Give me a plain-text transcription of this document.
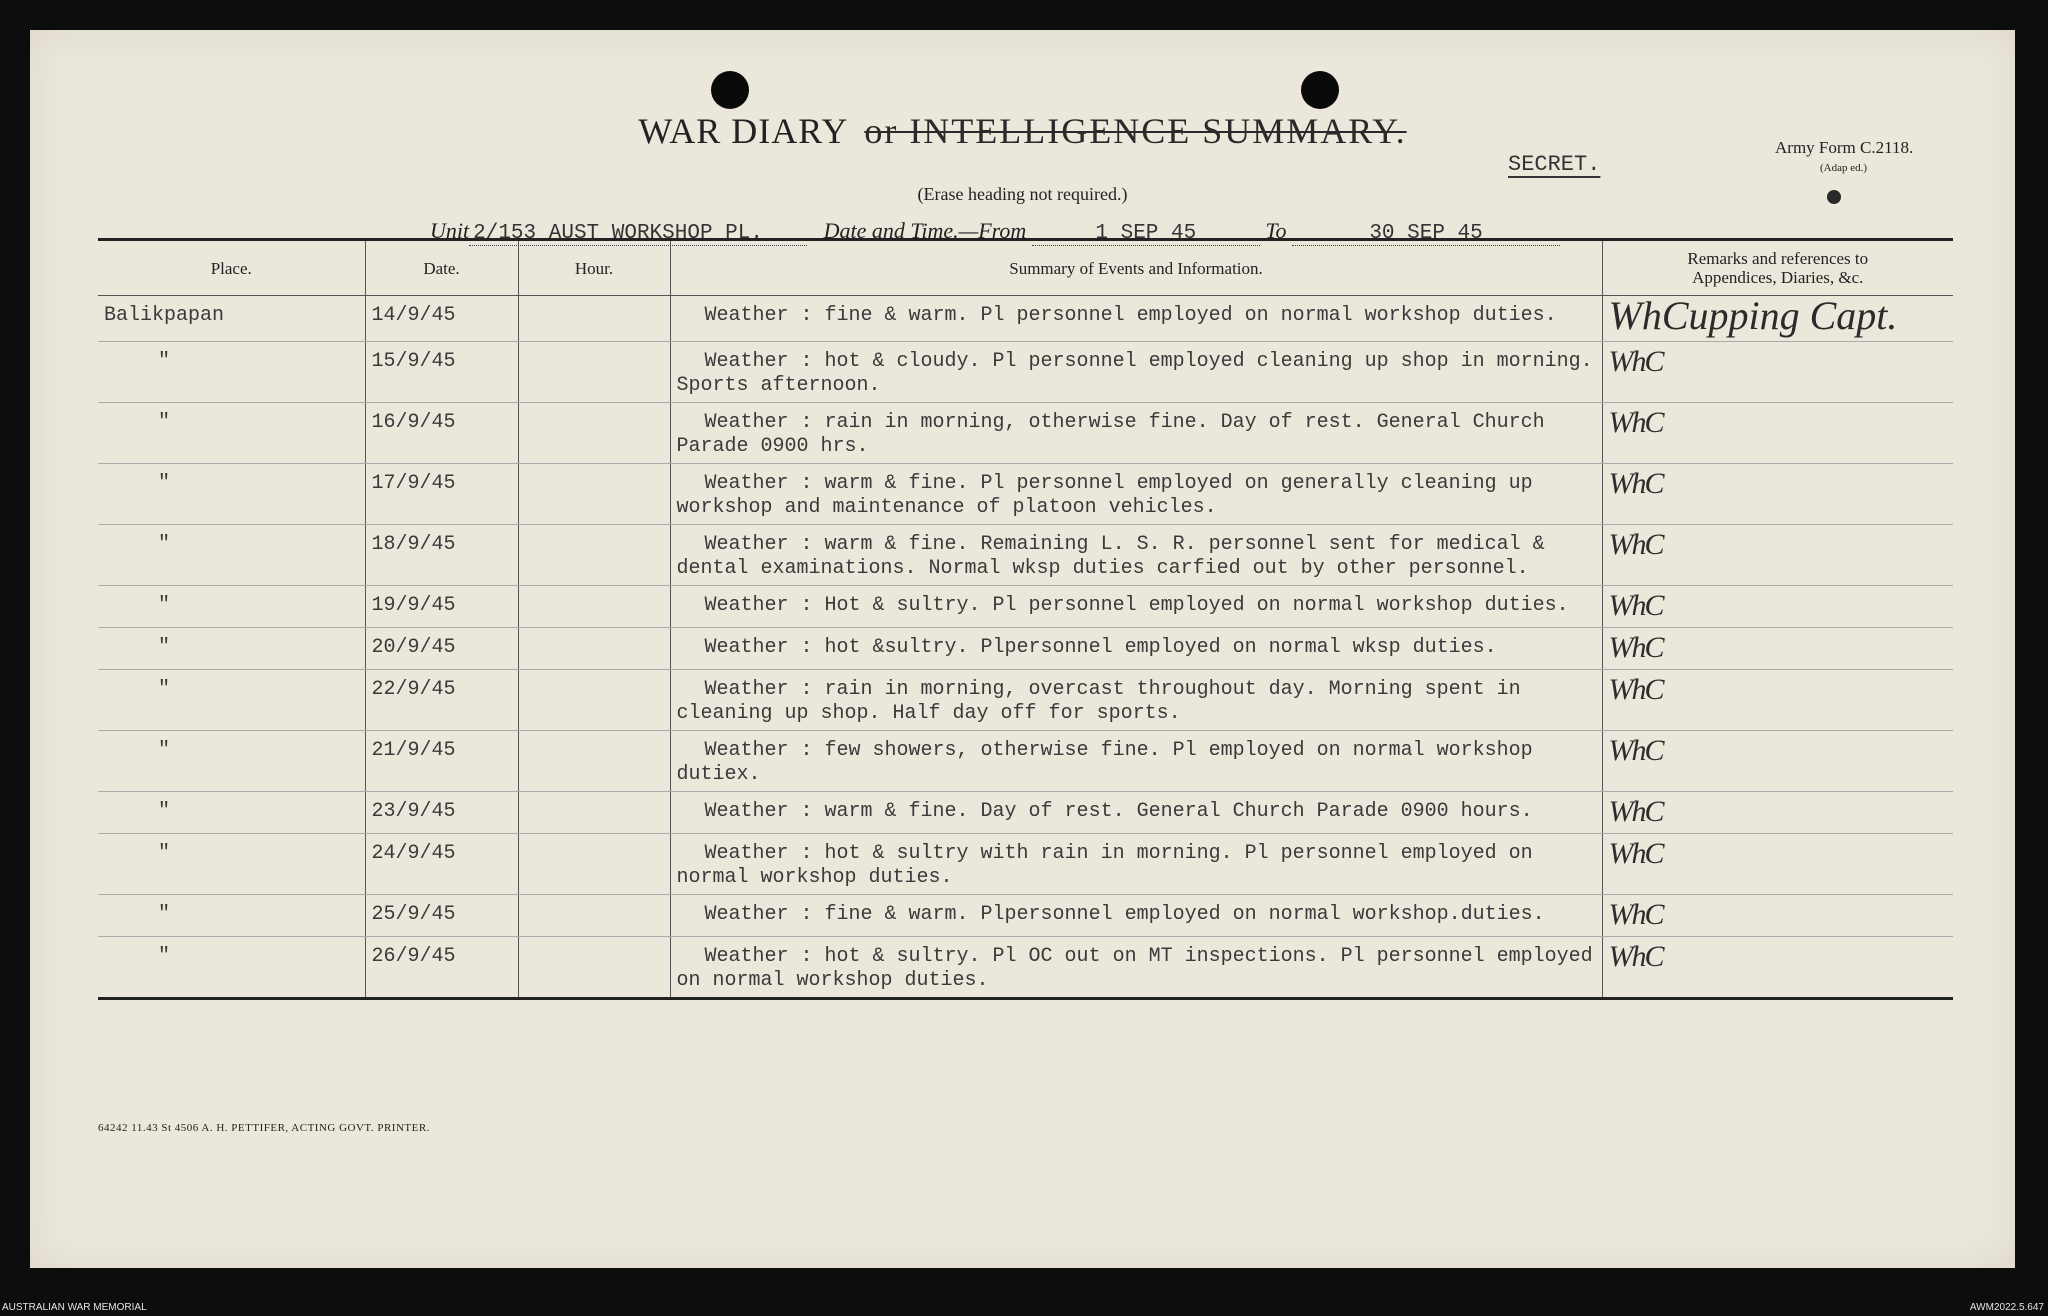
WAR DIARY or INTELLIGENCE SUMMARY.
SECRET.
(Erase heading not required.)
Army Form C.2118.
(Adap ed.)
Unit 2/153 AUST WORKSHOP PL.	Date and Time.—From	1 SEP 45	To	30 SEP 45
Place.	Date.	Hour.	Summary of Events and Information.	Remarks and references to
Appendices, Diaries, &c.
Balikpapan	14/9/45		Weather : fine & warm. Pl personnel employed on normal workshop duties.	WhCupping Capt.
"	15/9/45		Weather : hot & cloudy. Pl personnel employed cleaning up shop in morning. Sports afternoon.	WhC
"	16/9/45		Weather : rain in morning, otherwise fine. Day of rest. General Church Parade 0900 hrs.	WhC
"	17/9/45		Weather : warm & fine. Pl personnel employed on generally cleaning up workshop and maintenance of platoon vehicles.	WhC
"	18/9/45		Weather : warm & fine. Remaining L. S. R. personnel sent for medical & dental examinations. Normal wksp duties carfied out by other personnel.	WhC
"	19/9/45		Weather : Hot & sultry. Pl personnel employed on normal workshop duties.	WhC
"	20/9/45		Weather : hot &sultry. Plpersonnel employed on normal wksp duties.	WhC
"	22/9/45		Weather : rain in morning, overcast throughout day. Morning spent in cleaning up shop. Half day off for sports.	WhC
"	21/9/45		Weather : few showers, otherwise fine. Pl employed on normal workshop dutiex.	WhC
"	23/9/45		Weather : warm & fine. Day of rest. General Church Parade 0900 hours.	WhC
"	24/9/45		Weather : hot & sultry with rain in morning. Pl personnel employed on normal workshop duties.	WhC
"	25/9/45		Weather : fine & warm. Plpersonnel employed on normal workshop.duties.	WhC
"	26/9/45		Weather : hot & sultry. Pl OC out on MT inspections. Pl personnel employed on normal workshop duties.	WhC
64242 11.43 St 4506 A. H. PETTIFER, ACTING GOVT. PRINTER.
AUSTRALIAN WAR MEMORIAL	AWM2022.5.647
